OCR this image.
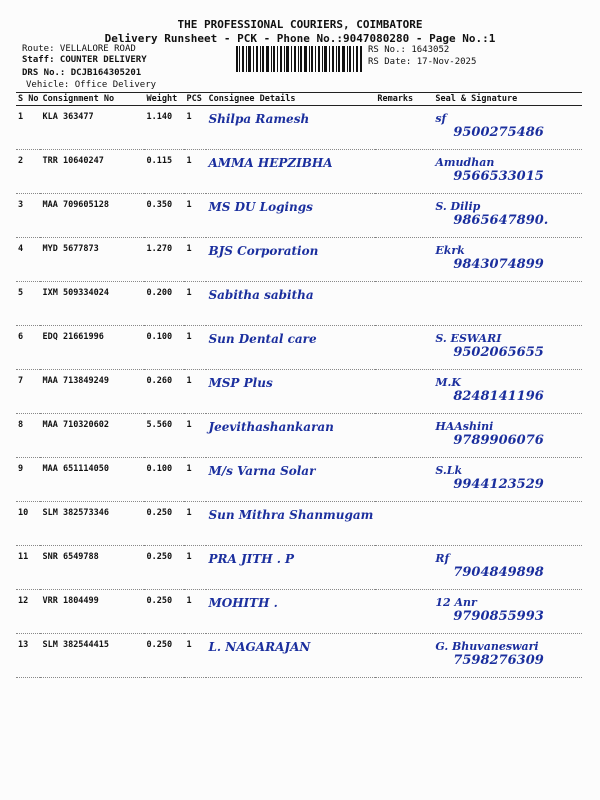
THE PROFESSIONAL COURIERS, COIMBATORE
Delivery Runsheet - PCK - Phone No.:9047080280 - Page No.:1
Route: VELLALORE ROAD
Staff: COUNTER DELIVERY
DRS No.: DCJB164305201
Vehicle: Office Delivery
RS No.: 1643052
RS Date: 17-Nov-2025
S No	Consignment No	Weight	PCS	Consignee Details	Remarks	Seal & Signature
1	KLA 363477	1.140	1	Shilpa Ramesh		sf
9500275486

2	TRR 10640247	0.115	1	AMMA HEPZIBHA		Amudhan
9566533015

3	MAA 709605128	0.350	1	MS DU Logings		S. Dilip
9865647890.

4	MYD 5677873	1.270	1	BJS Corporation		Ekrk
9843074899

5	IXM 509334024	0.200	1	Sabitha sabitha		

6	EDQ 21661996	0.100	1	Sun Dental care		S. ESWARI
9502065655

7	MAA 713849249	0.260	1	MSP Plus		M.K
8248141196

8	MAA 710320602	5.560	1	Jeevithashankaran		HAAshini
9789906076

9	MAA 651114050	0.100	1	M/s Varna Solar		S.Lk
9944123529

10	SLM 382573346	0.250	1	Sun Mithra Shanmugam		

11	SNR 6549788	0.250	1	PRA JITH . P		Rf
7904849898

12	VRR 1804499	0.250	1	MOHITH .		12 Anr
9790855993

13	SLM 382544415	0.250	1	L. NAGARAJAN		G. Bhuvaneswari
7598276309
